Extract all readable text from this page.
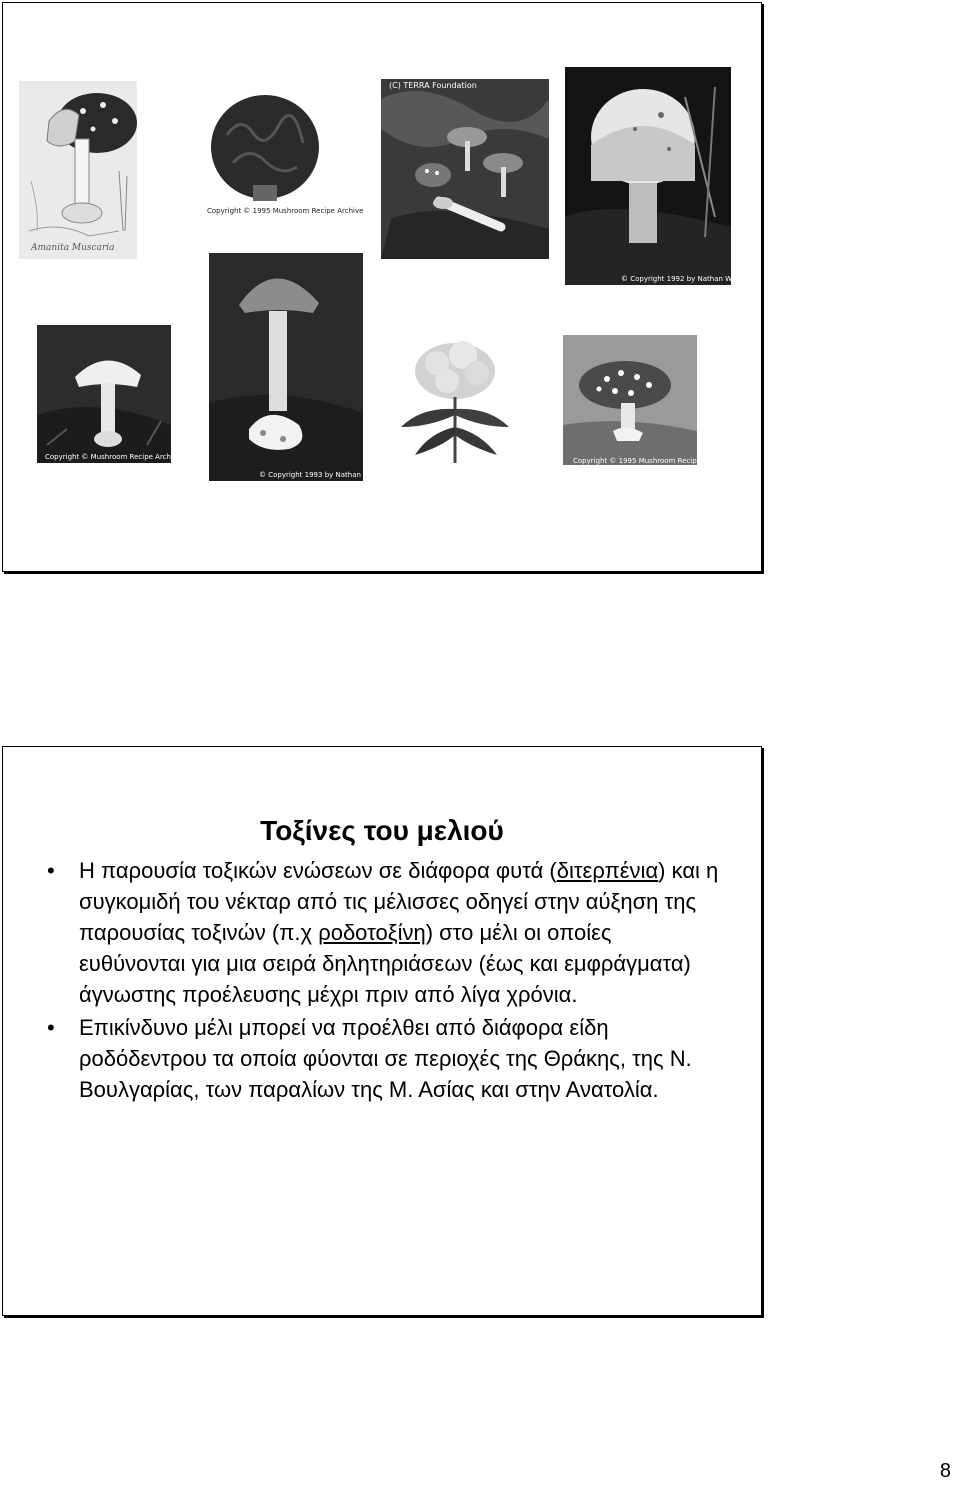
Amanita Muscaria
Copyright © 1995 Mushroom Recipe Archive
(C) TERRA Foundation
© Copyright 1992 by Nathan Wilson
Copyright © Mushroom Recipe Archive
© Copyright 1993 by Nathan Wilson
Copyright © 1995 Mushroom Recipe Archive
Τοξίνες του μελιού
• Η παρουσία τοξικών ενώσεων σε διάφορα φυτά (διτερπένια) και η συγκομιδή του νέκταρ από τις μέλισσες οδηγεί στην αύξηση της παρουσίας τοξινών (π.χ ροδοτοξίνη) στο μέλι οι οποίες ευθύνονται για μια σειρά δηλητηριάσεων (έως και εμφράγματα) άγνωστης προέλευσης μέχρι πριν από λίγα χρόνια.
• Επικίνδυνο μέλι μπορεί να προέλθει από διάφορα είδη ροδόδεντρου τα οποία φύονται σε περιοχές της Θράκης, της Ν. Βουλγαρίας, των παραλίων της Μ. Ασίας και στην Ανατολία.
8
